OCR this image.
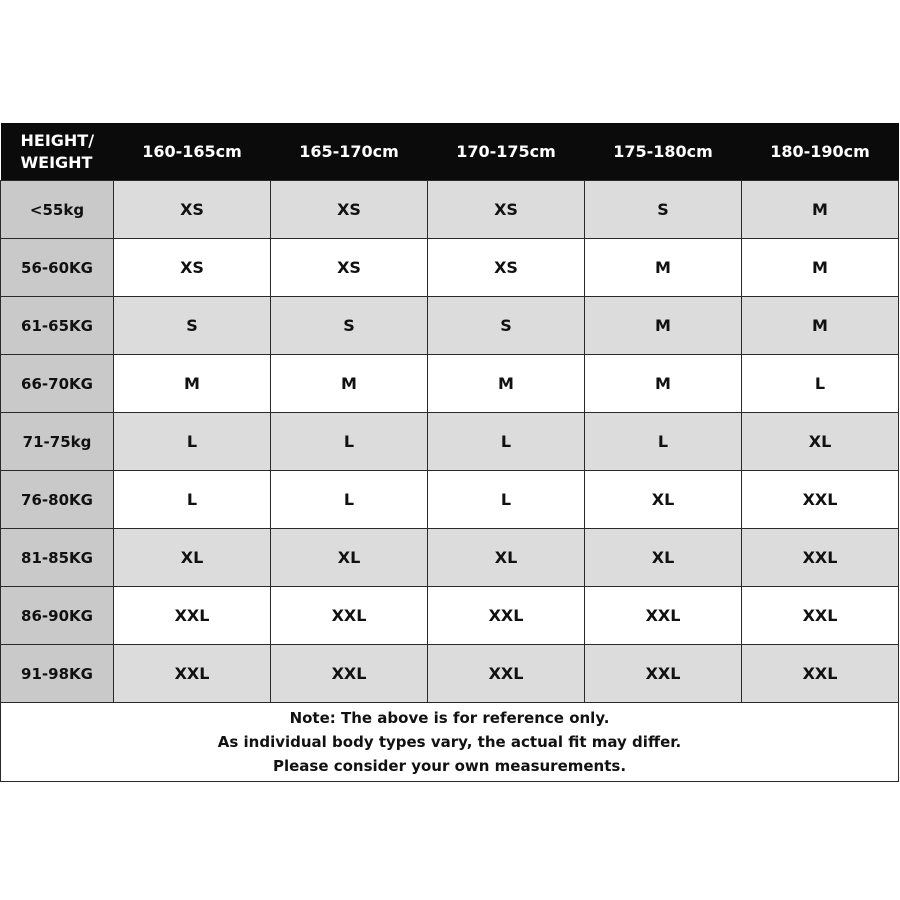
HEIGHT/
WEIGHT	160-165cm	165-170cm	170-175cm	175-180cm	180-190cm
<55kg	XS	XS	XS	S	M
56-60KG	XS	XS	XS	M	M
61-65KG	S	S	S	M	M
66-70KG	M	M	M	M	L
71-75kg	L	L	L	L	XL
76-80KG	L	L	L	XL	XXL
81-85KG	XL	XL	XL	XL	XXL
86-90KG	XXL	XXL	XXL	XXL	XXL
91-98KG	XXL	XXL	XXL	XXL	XXL
Note: The above is for reference only.
As individual body types vary, the actual fit may differ.
Please consider your own measurements.
